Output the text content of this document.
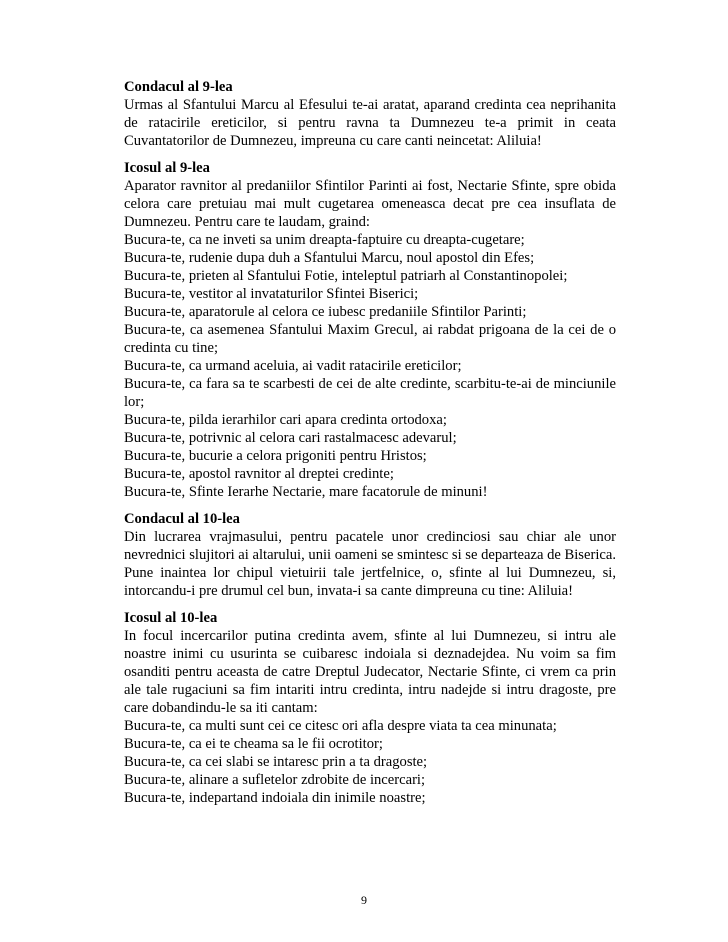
Condacul al 9-lea

Urmas al Sfantului Marcu al Efesului te-ai aratat, aparand credinta cea neprihanita de ratacirile ereticilor, si pentru ravna ta Dumnezeu te-a primit in ceata Cuvantatorilor de Dumnezeu, impreuna cu care canti neincetat: Aliluia!

Icosul al 9-lea

Aparator ravnitor al predaniilor Sfintilor Parinti ai fost, Nectarie Sfinte, spre obida celora care pretuiau mai mult cugetarea omeneasca decat pre cea insuflata de Dumnezeu. Pentru care te laudam, graind:

Bucura-te, ca ne inveti sa unim dreapta-faptuire cu dreapta-cugetare;

Bucura-te, rudenie dupa duh a Sfantului Marcu, noul apostol din Efes;

Bucura-te, prieten al Sfantului Fotie, inteleptul patriarh al Constantinopolei;

Bucura-te, vestitor al invataturilor Sfintei Biserici;

Bucura-te, aparatorule al celora ce iubesc predaniile Sfintilor Parinti;

Bucura-te, ca asemenea Sfantului Maxim Grecul, ai rabdat prigoana de la cei de o credinta cu tine;

Bucura-te, ca urmand aceluia, ai vadit ratacirile ereticilor;

Bucura-te, ca fara sa te scarbesti de cei de alte credinte, scarbitu-te-ai de minciunile lor;

Bucura-te, pilda ierarhilor cari apara credinta ortodoxa;

Bucura-te, potrivnic al celora cari rastalmacesc adevarul;

Bucura-te, bucurie a celora prigoniti pentru Hristos;

Bucura-te, apostol ravnitor al dreptei credinte;

Bucura-te, Sfinte Ierarhe Nectarie, mare facatorule de minuni!

Condacul al 10-lea

Din lucrarea vrajmasului, pentru pacatele unor credinciosi sau chiar ale unor nevrednici slujitori ai altarului, unii oameni se smintesc si se departeaza de Biserica. Pune inaintea lor chipul vietuirii tale jertfelnice, o, sfinte al lui Dumnezeu, si, intorcandu-i pre drumul cel bun, invata-i sa cante dimpreuna cu tine: Aliluia!

Icosul al 10-lea

In focul incercarilor putina credinta avem, sfinte al lui Dumnezeu, si intru ale noastre inimi cu usurinta se cuibaresc indoiala si deznadejdea. Nu voim sa fim osanditi pentru aceasta de catre Dreptul Judecator, Nectarie Sfinte, ci vrem ca prin ale tale rugaciuni sa fim intariti intru credinta, intru nadejde si intru dragoste, pre care dobandindu-le sa iti cantam:

Bucura-te, ca multi sunt cei ce citesc ori afla despre viata ta cea minunata;

Bucura-te, ca ei te cheama sa le fii ocrotitor;

Bucura-te, ca cei slabi se intaresc prin a ta dragoste;

Bucura-te, alinare a sufletelor zdrobite de incercari;

Bucura-te, indepartand indoiala din inimile noastre;

9
